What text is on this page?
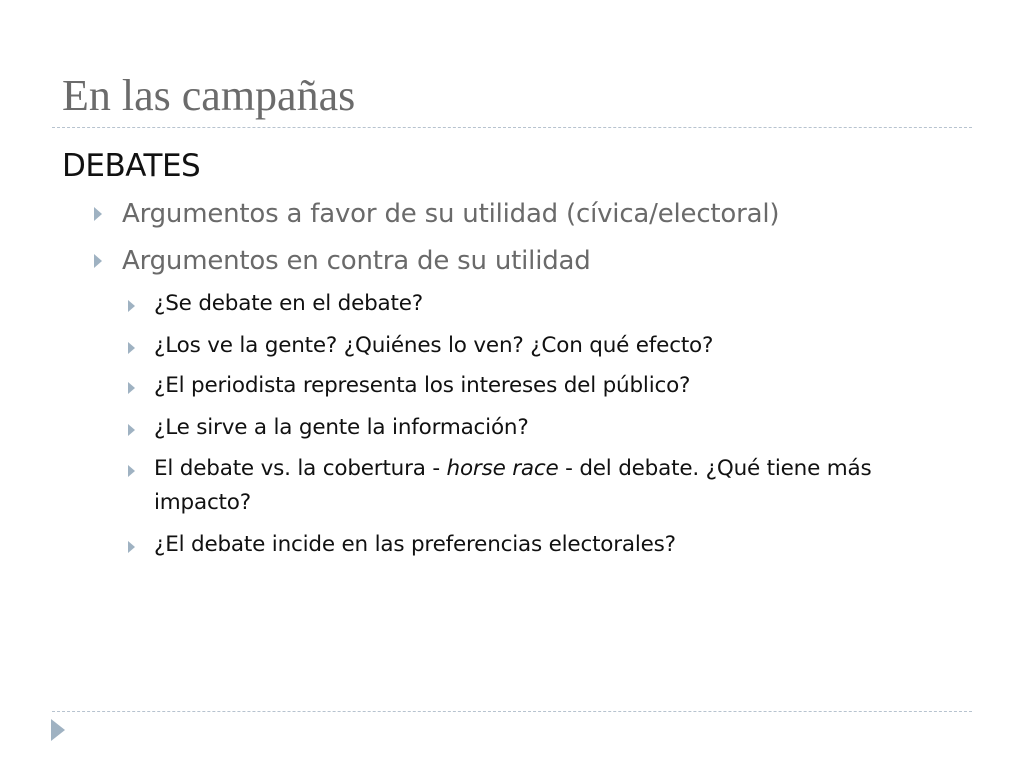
En las campañas
DEBATES
Argumentos a favor de su utilidad (cívica/electoral)
Argumentos en contra de su utilidad
¿Se debate en el debate?
¿Los ve la gente? ¿Quiénes lo ven? ¿Con qué efecto?
¿El periodista representa los intereses del público?
¿Le sirve a la gente la información?
El debate vs. la cobertura - horse race - del debate. ¿Qué tiene más impacto?
¿El debate incide en las preferencias electorales?
